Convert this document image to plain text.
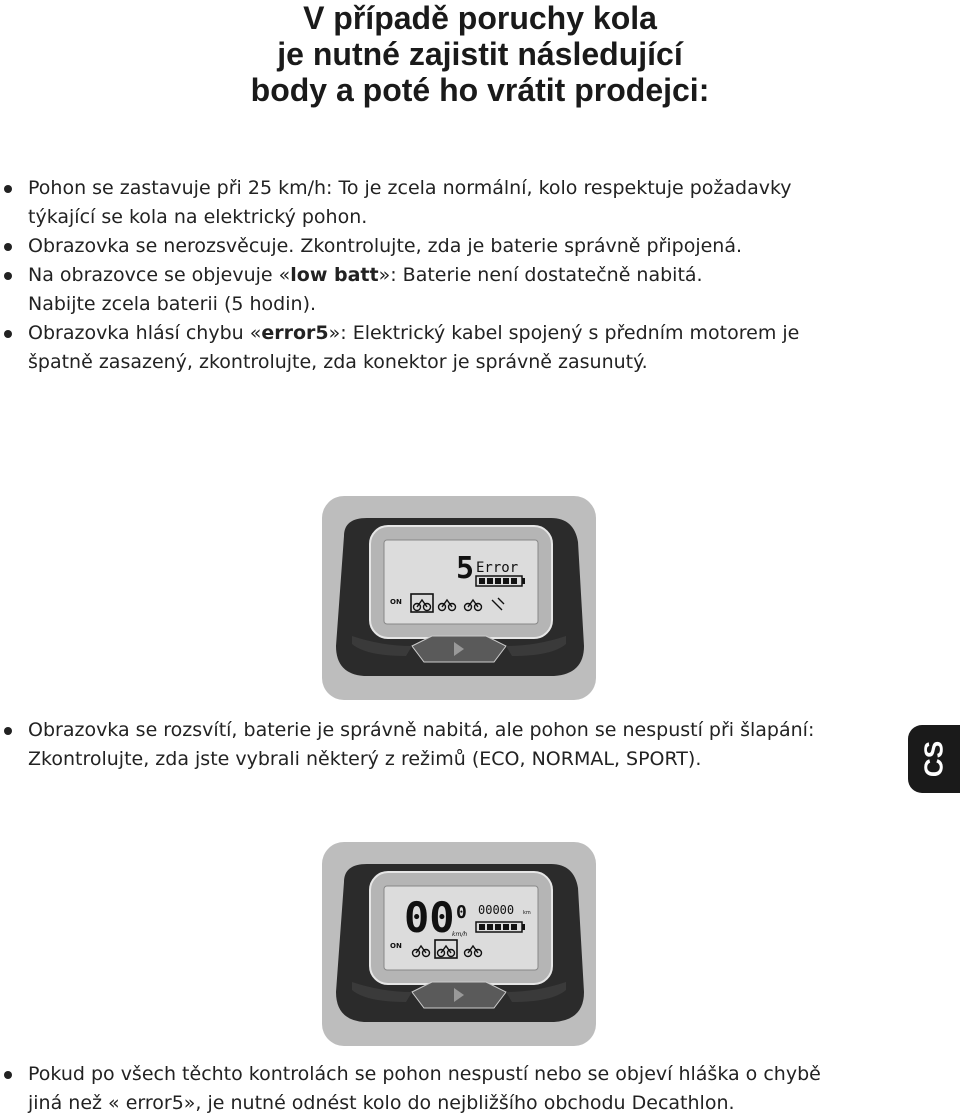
V případě poruchy kola
je nutné zajistit následující
body a poté ho vrátit prodejci:

Pohon se zastavuje při 25 km/h: To je zcela normální, kolo respektuje požadavky

týkající se kola na elektrický pohon.

Obrazovka se nerozsvěcuje. Zkontrolujte, zda je baterie správně připojená.

Na obrazovce se objevuje «low batt»: Baterie není dostatečně nabitá.

Nabijte zcela baterii (5 hodin).

Obrazovka hlásí chybu «error5»: Elektrický kabel spojený s předním motorem je

špatně zasazený, zkontrolujte, zda konektor je správně zasunutý.

5 Error
ON

Obrazovka se rozsvítí, baterie je správně nabitá, ale pohon se nespustí při šlapání:

Zkontrolujte, zda jste vybrali některý z režimů (ECO, NORMAL, SPORT).	CS
00 0
km/h
00000 km
ON

Pokud po všech těchto kontrolách se pohon nespustí nebo se objeví hláška o chybě

jiná než « error5», je nutné odnést kolo do nejbližšího obchodu Decathlon.
